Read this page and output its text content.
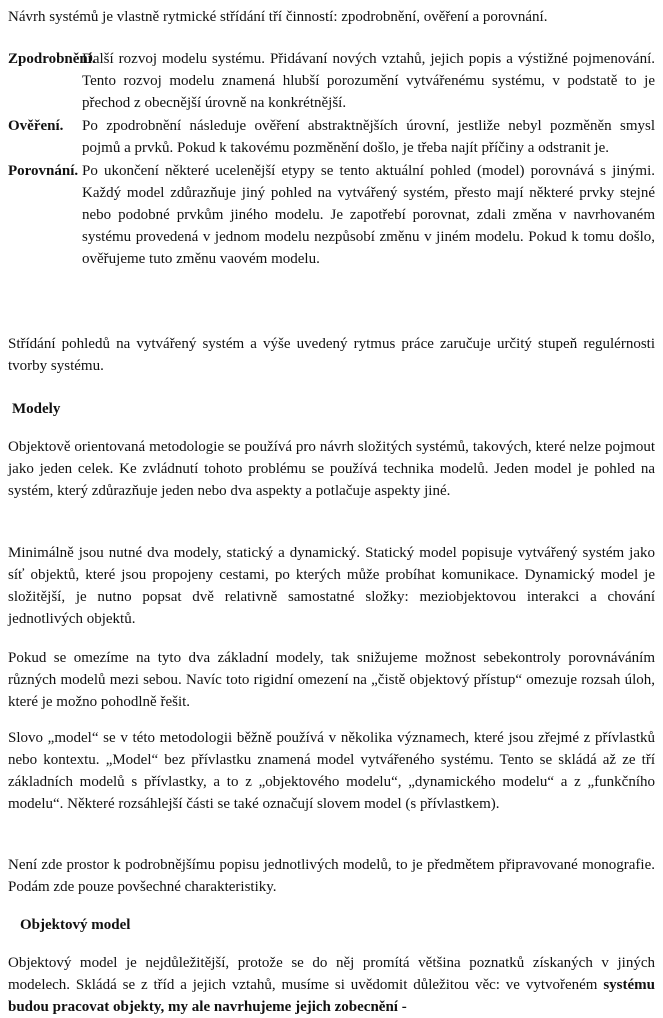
Návrh systémů je vlastně rytmické střídání tří činností: zpodrobnění, ověření a porovnání.

Zpodrobnění.
Další rozvoj modelu systému. Přidávaní nových vztahů, jejich popis a výstižné pojmenování. Tento rozvoj modelu znamená hlubší porozumění vytvářenému systému, v podstatě to je přechod z obecnější úrovně na konkrétnější.
Ověření. Po zpodrobnění následuje ověření abstraktnějších úrovní, jestliže nebyl pozměněn smysl pojmů a prvků. Pokud k takovému pozměnění došlo, je třeba najít příčiny a odstranit je.
Porovnání. Po ukončení některé ucelenější etypy se tento aktuální pohled (model) porovnává s jinými. Každý model zdůrazňuje jiný pohled na vytvářený systém, přesto mají některé prvky stejné nebo podobné prvkům jiného modelu. Je zapotřebí porovnat, zdali změna v navrhovaném systému provedená v jednom modelu nezpůsobí změnu v jiném modelu. Pokud k tomu došlo, ověřujeme tuto změnu vaovém modelu.

Střídání pohledů na vytvářený systém a výše uvedený rytmus práce zaručuje určitý stupeň regulérnosti tvorby systému.

Modely

Objektově orientovaná metodologie se používá pro návrh složitých systémů, takových, které nelze pojmout jako jeden celek. Ke zvládnutí tohoto problému se používá technika modelů. Jeden model je pohled na systém, který zdůrazňuje jeden nebo dva aspekty a potlačuje aspekty jiné.

Minimálně jsou nutné dva modely, statický a dynamický. Statický model popisuje vytvářený systém jako síť objektů, které jsou propojeny cestami, po kterých může probíhat komunikace. Dynamický model je složitější, je nutno popsat dvě relativně samostatné složky: meziobjektovou interakci a chování jednotlivých objektů.

Pokud se omezíme na tyto dva základní modely, tak snižujeme možnost sebekontroly porovnáváním různých modelů mezi sebou. Navíc toto rigidní omezení na „čistě objektový přístup“ omezuje rozsah úloh, které je možno pohodlně řešit.

Slovo „model“ se v této metodologii běžně používá v několika významech, které jsou zřejmé z přívlastků nebo kontextu. „Model“ bez přívlastku znamená model vytvářeného systému. Tento se skládá až ze tří základních modelů s přívlastky, a to z „objektového modelu“, „dynamického modelu“ a z „funkčního modelu“. Některé rozsáhlejší části se také označují slovem model (s přívlastkem).

Není zde prostor k podrobnějšímu popisu jednotlivých modelů, to je předmětem připravované monografie. Podám zde pouze povšechné charakteristiky.

Objektový model

Objektový model je nejdůležitější, protože se do něj promítá většina poznatků získaných v jiných modelech. Skládá se z tříd a jejich vztahů, musíme si uvědomit důležitou věc: ve vytvořeném systému budou pracovat objekty, my ale navrhujeme jejich zobecnění -
